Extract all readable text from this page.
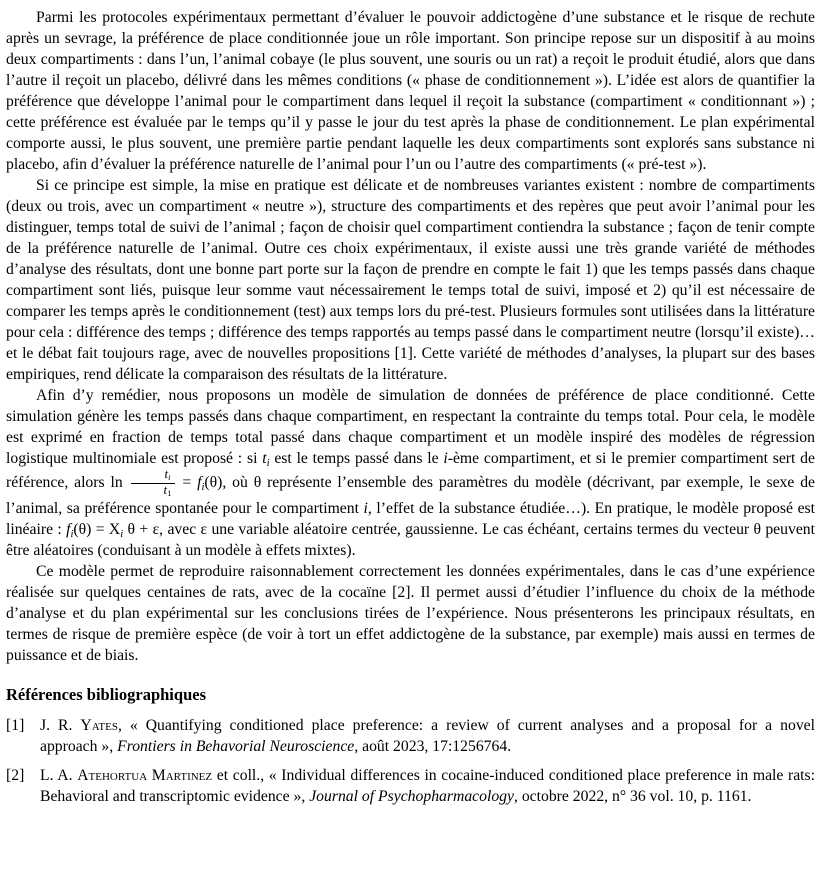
Parmi les protocoles expérimentaux permettant d’évaluer le pouvoir addictogène d’une substance et le risque de rechute après un sevrage, la préférence de place conditionnée joue un rôle important. Son principe repose sur un dispositif à au moins deux compartiments : dans l’un, l’animal cobaye (le plus souvent, une souris ou un rat) a reçoit le produit étudié, alors que dans l’autre il reçoit un placebo, délivré dans les mêmes conditions (« phase de conditionnement »). L’idée est alors de quantifier la préférence que développe l’animal pour le compartiment dans lequel il reçoit la substance (compartiment « conditionnant ») ; cette préférence est évaluée par le temps qu’il y passe le jour du test après la phase de conditionnement. Le plan expérimental comporte aussi, le plus souvent, une première partie pendant laquelle les deux compartiments sont explorés sans substance ni placebo, afin d’évaluer la préférence naturelle de l’animal pour l’un ou l’autre des compartiments (« pré-test »).

Si ce principe est simple, la mise en pratique est délicate et de nombreuses variantes existent : nombre de compartiments (deux ou trois, avec un compartiment « neutre »), structure des compartiments et des repères que peut avoir l’animal pour les distinguer, temps total de suivi de l’animal ; façon de choisir quel compartiment contiendra la substance ; façon de tenir compte de la préférence naturelle de l’animal. Outre ces choix expérimentaux, il existe aussi une très grande variété de méthodes d’analyse des résultats, dont une bonne part porte sur la façon de prendre en compte le fait 1) que les temps passés dans chaque compartiment sont liés, puisque leur somme vaut nécessairement le temps total de suivi, imposé et 2) qu’il est nécessaire de comparer les temps après le conditionnement (test) aux temps lors du pré-test. Plusieurs formules sont utilisées dans la littérature pour cela : différence des temps ; différence des temps rapportés au temps passé dans le compartiment neutre (lorsqu’il existe)… et le débat fait toujours rage, avec de nouvelles propositions [1]. Cette variété de méthodes d’analyses, la plupart sur des bases empiriques, rend délicate la comparaison des résultats de la littérature.

Afin d’y remédier, nous proposons un modèle de simulation de données de préférence de place conditionné. Cette simulation génère les temps passés dans chaque compartiment, en respectant la contrainte du temps total. Pour cela, le modèle est exprimé en fraction de temps total passé dans chaque compartiment et un modèle inspiré des modèles de régression logistique multinomiale est proposé : si $t_i$ est le temps passé dans le i-ème compartiment, et si le premier compartiment sert de référence, alors $\ln \frac{t_i}{t_1} = f_i(\theta)$, où θ représente l’ensemble des paramètres du modèle (décrivant, par exemple, le sexe de l’animal, sa préférence spontanée pour le compartiment i, l’effet de la substance étudiée…). En pratique, le modèle proposé est linéaire : $f_i(\theta) = X_i$ θ + ε, avec ε une variable aléatoire centrée, gaussienne. Le cas échéant, certains termes du vecteur θ peuvent être aléatoires (conduisant à un modèle à effets mixtes).

Ce modèle permet de reproduire raisonnablement correctement les données expérimentales, dans le cas d’une expérience réalisée sur quelques centaines de rats, avec de la cocaïne [2]. Il permet aussi d’étudier l’influence du choix de la méthode d’analyse et du plan expérimental sur les conclusions tirées de l’expérience. Nous présenterons les principaux résultats, en termes de risque de première espèce (de voir à tort un effet addictogène de la substance, par exemple) mais aussi en termes de puissance et de biais.

Références bibliographiques
[1]	J. R. Yates, « Quantifying conditioned place preference: a review of current analyses and a proposal for a novel approach », Frontiers in Behavorial Neuroscience, août 2023, 17:1256764.
[2]	L. A. Atehortua Martinez et coll., « Individual differences in cocaine-induced conditioned place preference in male rats: Behavioral and transcriptomic evidence », Journal of Psychopharmacology, octobre 2022, n° 36 vol. 10, p. 1161.
